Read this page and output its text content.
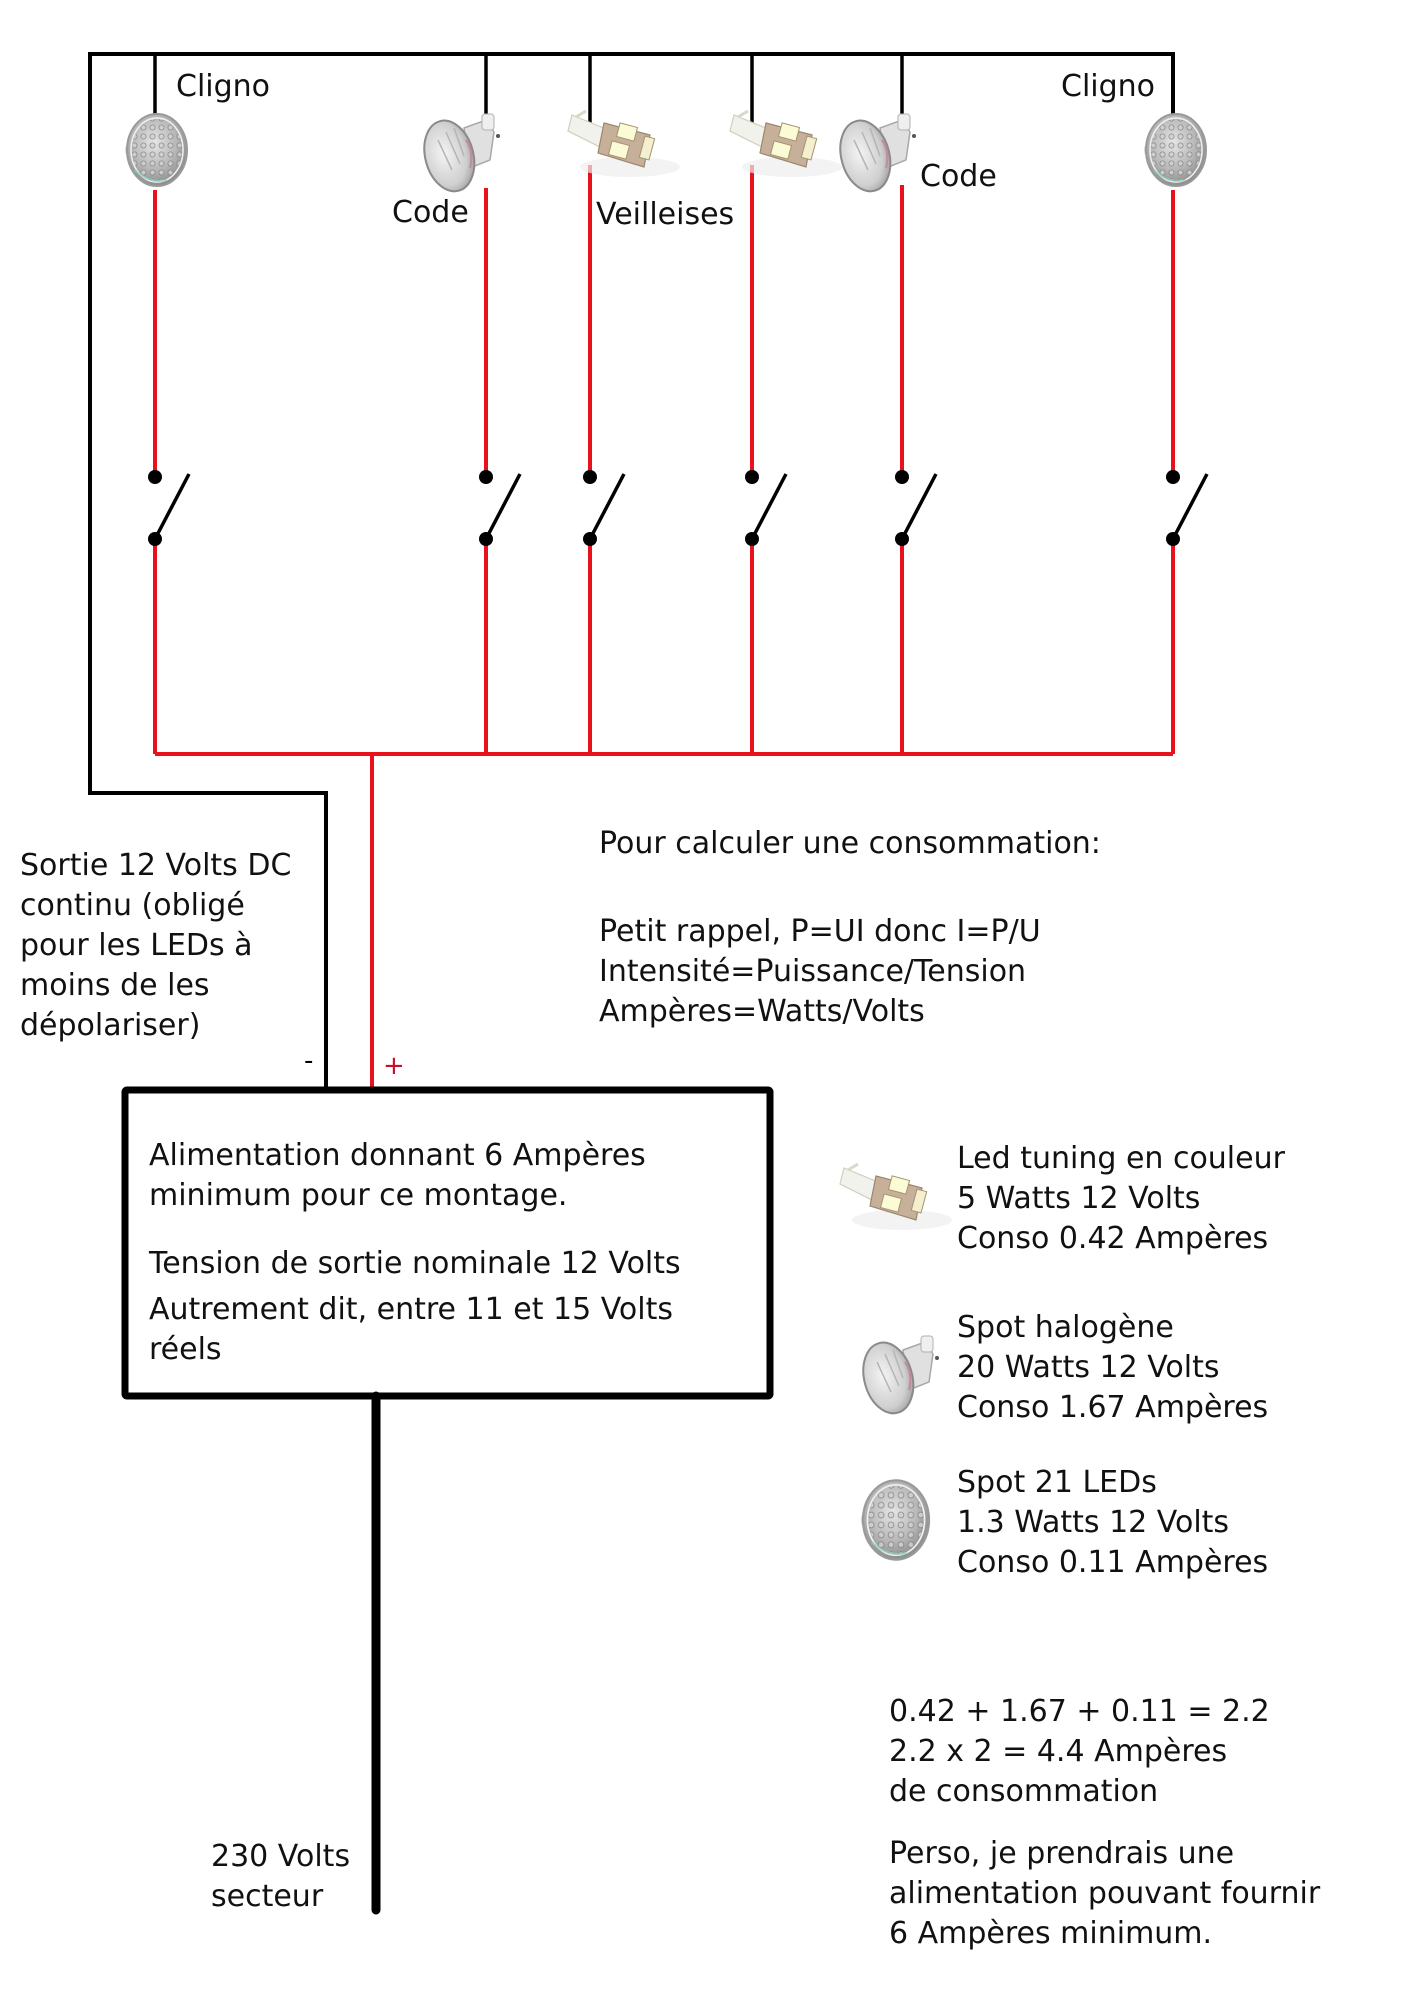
Cligno
Code	Veilleises
Code
Cligno
Sortie 12 Volts DC
continu (obligé
pour les LEDs à
moins de les
dépolariser)
-	+
Pour calculer une consommation:
Petit rappel, P=UI donc I=P/U
Intensité=Puissance/Tension
Ampères=Watts/Volts
Alimentation donnant 6 Ampères
minimum pour ce montage.
Tension de sortie nominale 12 Volts
Autrement dit, entre 11 et 15 Volts
réels
Led tuning en couleur
5 Watts 12 Volts
Conso 0.42 Ampères
Spot halogène
20 Watts 12 Volts
Conso 1.67 Ampères
Spot 21 LEDs
1.3 Watts 12 Volts
Conso 0.11 Ampères
0.42 + 1.67 + 0.11 = 2.2
2.2 x 2 = 4.4 Ampères
de consommation
Perso, je prendrais une
alimentation pouvant fournir
6 Ampères minimum.
230 Volts
secteur
